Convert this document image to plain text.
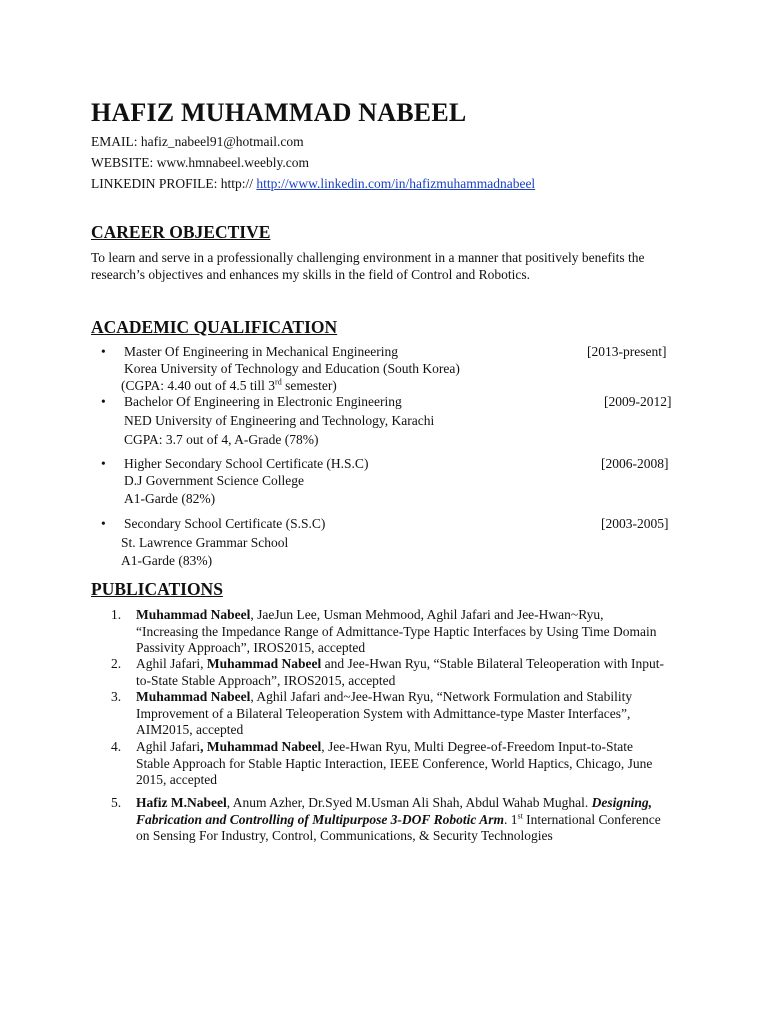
HAFIZ MUHAMMAD NABEEL
EMAIL: hafiz_nabeel91@hotmail.com
WEBSITE: www.hmnabeel.weebly.com
LINKEDIN PROFILE: http:// http://www.linkedin.com/in/hafizmuhammadnabeel
CAREER OBJECTIVE
To learn and serve in a professionally challenging environment in a manner that positively benefits the
research’s objectives and enhances my skills in the field of Control and Robotics.
ACADEMIC QUALIFICATION
• Master Of Engineering in Mechanical Engineering	[2013-present]
Korea University of Technology and Education (South Korea)
(CGPA: 4.40 out of 4.5 till 3rd semester)
• Bachelor Of Engineering in Electronic Engineering	[2009-2012]
NED University of Engineering and Technology, Karachi
CGPA: 3.7 out of 4, A-Grade (78%)
• Higher Secondary School Certificate (H.S.C)	[2006-2008]
D.J Government Science College
A1-Garde (82%)
• Secondary School Certificate (S.S.C)	[2003-2005]
St. Lawrence Grammar School
A1-Garde (83%)
PUBLICATIONS
1. Muhammad Nabeel, JaeJun Lee, Usman Mehmood, Aghil Jafari and Jee-Hwan~Ryu,
“Increasing the Impedance Range of Admittance-Type Haptic Interfaces by Using Time Domain
Passivity Approach”, IROS2015, accepted
2. Aghil Jafari, Muhammad Nabeel and Jee-Hwan Ryu, “Stable Bilateral Teleoperation with Input-
to-State Stable Approach”, IROS2015, accepted
3. Muhammad Nabeel, Aghil Jafari and~Jee-Hwan Ryu, “Network Formulation and Stability
Improvement of a Bilateral Teleoperation System with Admittance-type Master Interfaces”,
AIM2015, accepted
4. Aghil Jafari, Muhammad Nabeel, Jee-Hwan Ryu, Multi Degree-of-Freedom Input-to-State
Stable Approach for Stable Haptic Interaction, IEEE Conference, World Haptics, Chicago, June
2015, accepted
5. Hafiz M.Nabeel, Anum Azher, Dr.Syed M.Usman Ali Shah, Abdul Wahab Mughal. Designing,
Fabrication and Controlling of Multipurpose 3-DOF Robotic Arm. 1st International Conference
on Sensing For Industry, Control, Communications, & Security Technologies
